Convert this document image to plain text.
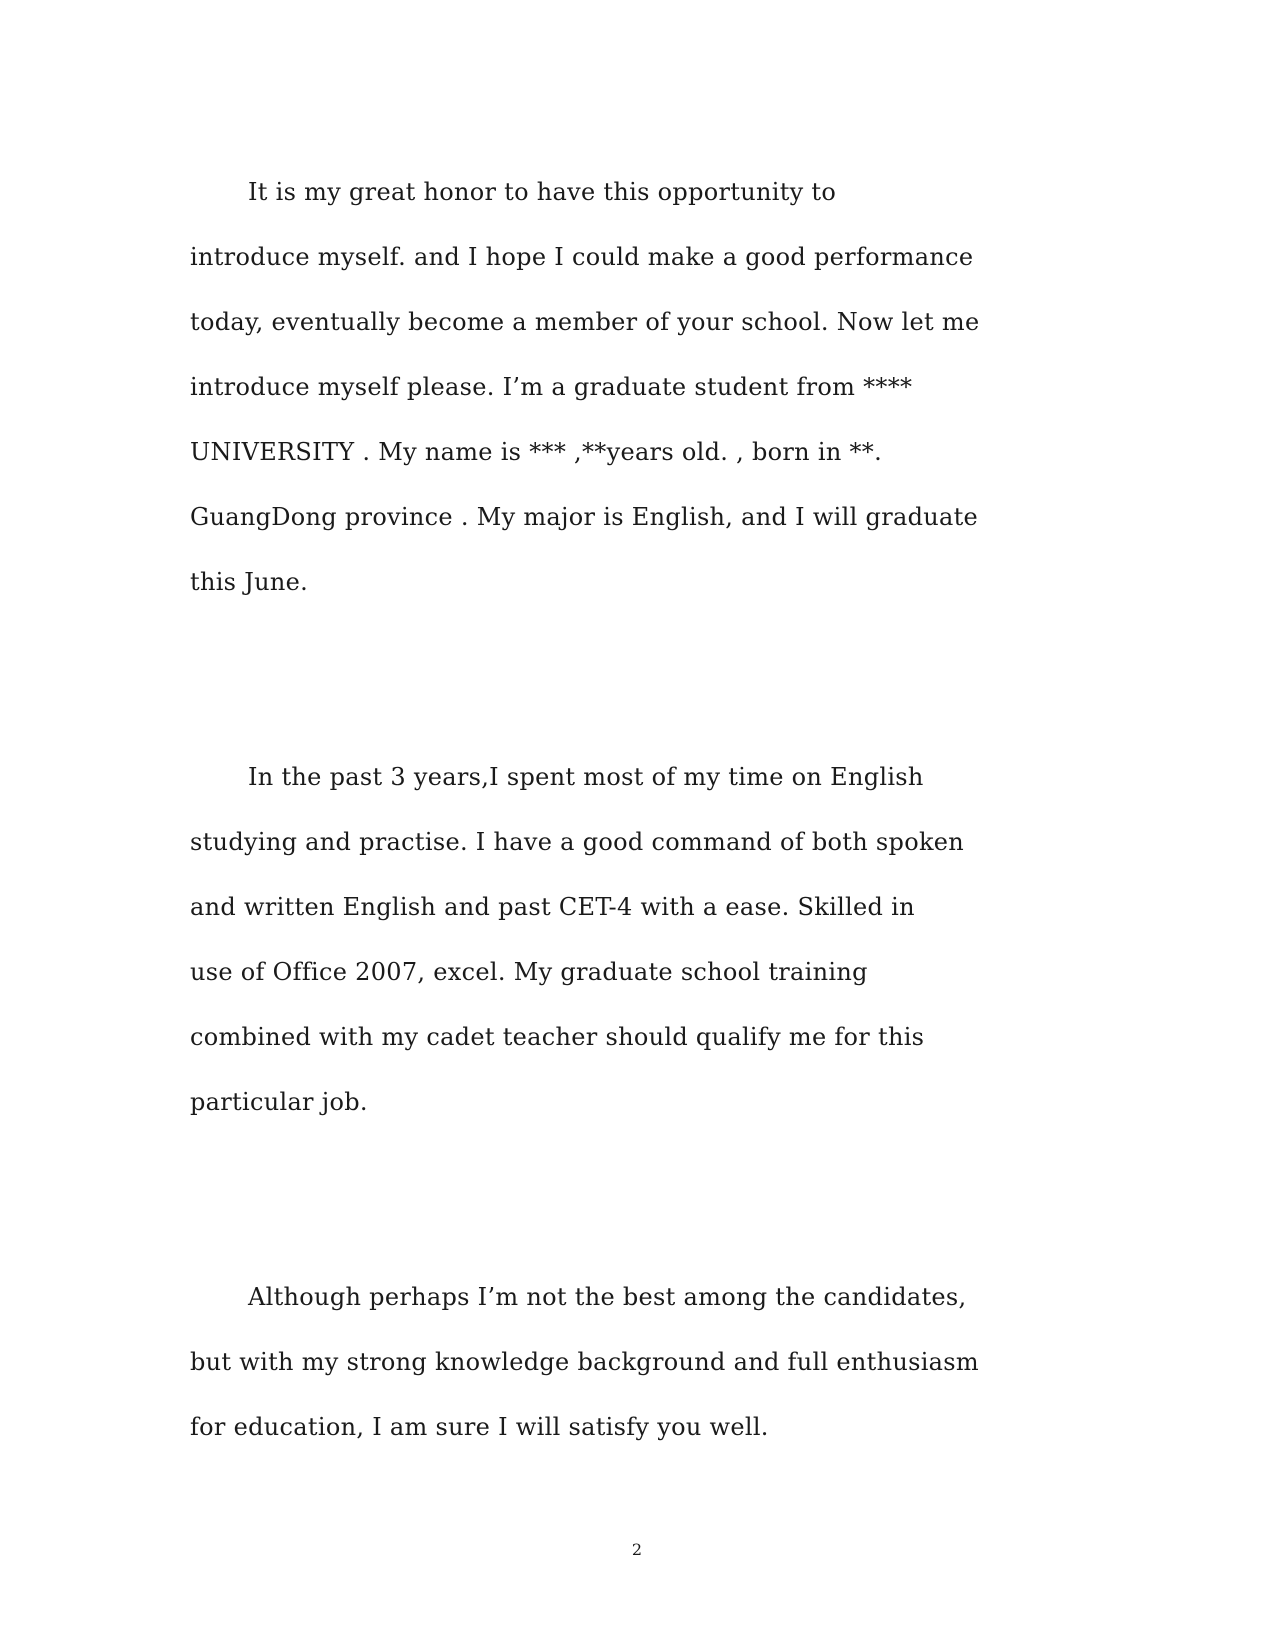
It is my great honor to have this opportunity to
introduce myself. and I hope I could make a good performance
today, eventually become a member of your school. Now let me
introduce myself please. I’m a graduate student from ****
UNIVERSITY . My name is *** ,**years old. , born in **.
GuangDong province . My major is English, and I will graduate
this June.
In the past 3 years,I spent most of my time on English
studying and practise. I have a good command of both spoken
and written English and past CET-4 with a ease. Skilled in
use of Office 2007, excel. My graduate school training
combined with my cadet teacher should qualify me for this
particular job.
Although perhaps I’m not the best among the candidates,
but with my strong knowledge background and full enthusiasm
for education, I am sure I will satisfy you well.
2
